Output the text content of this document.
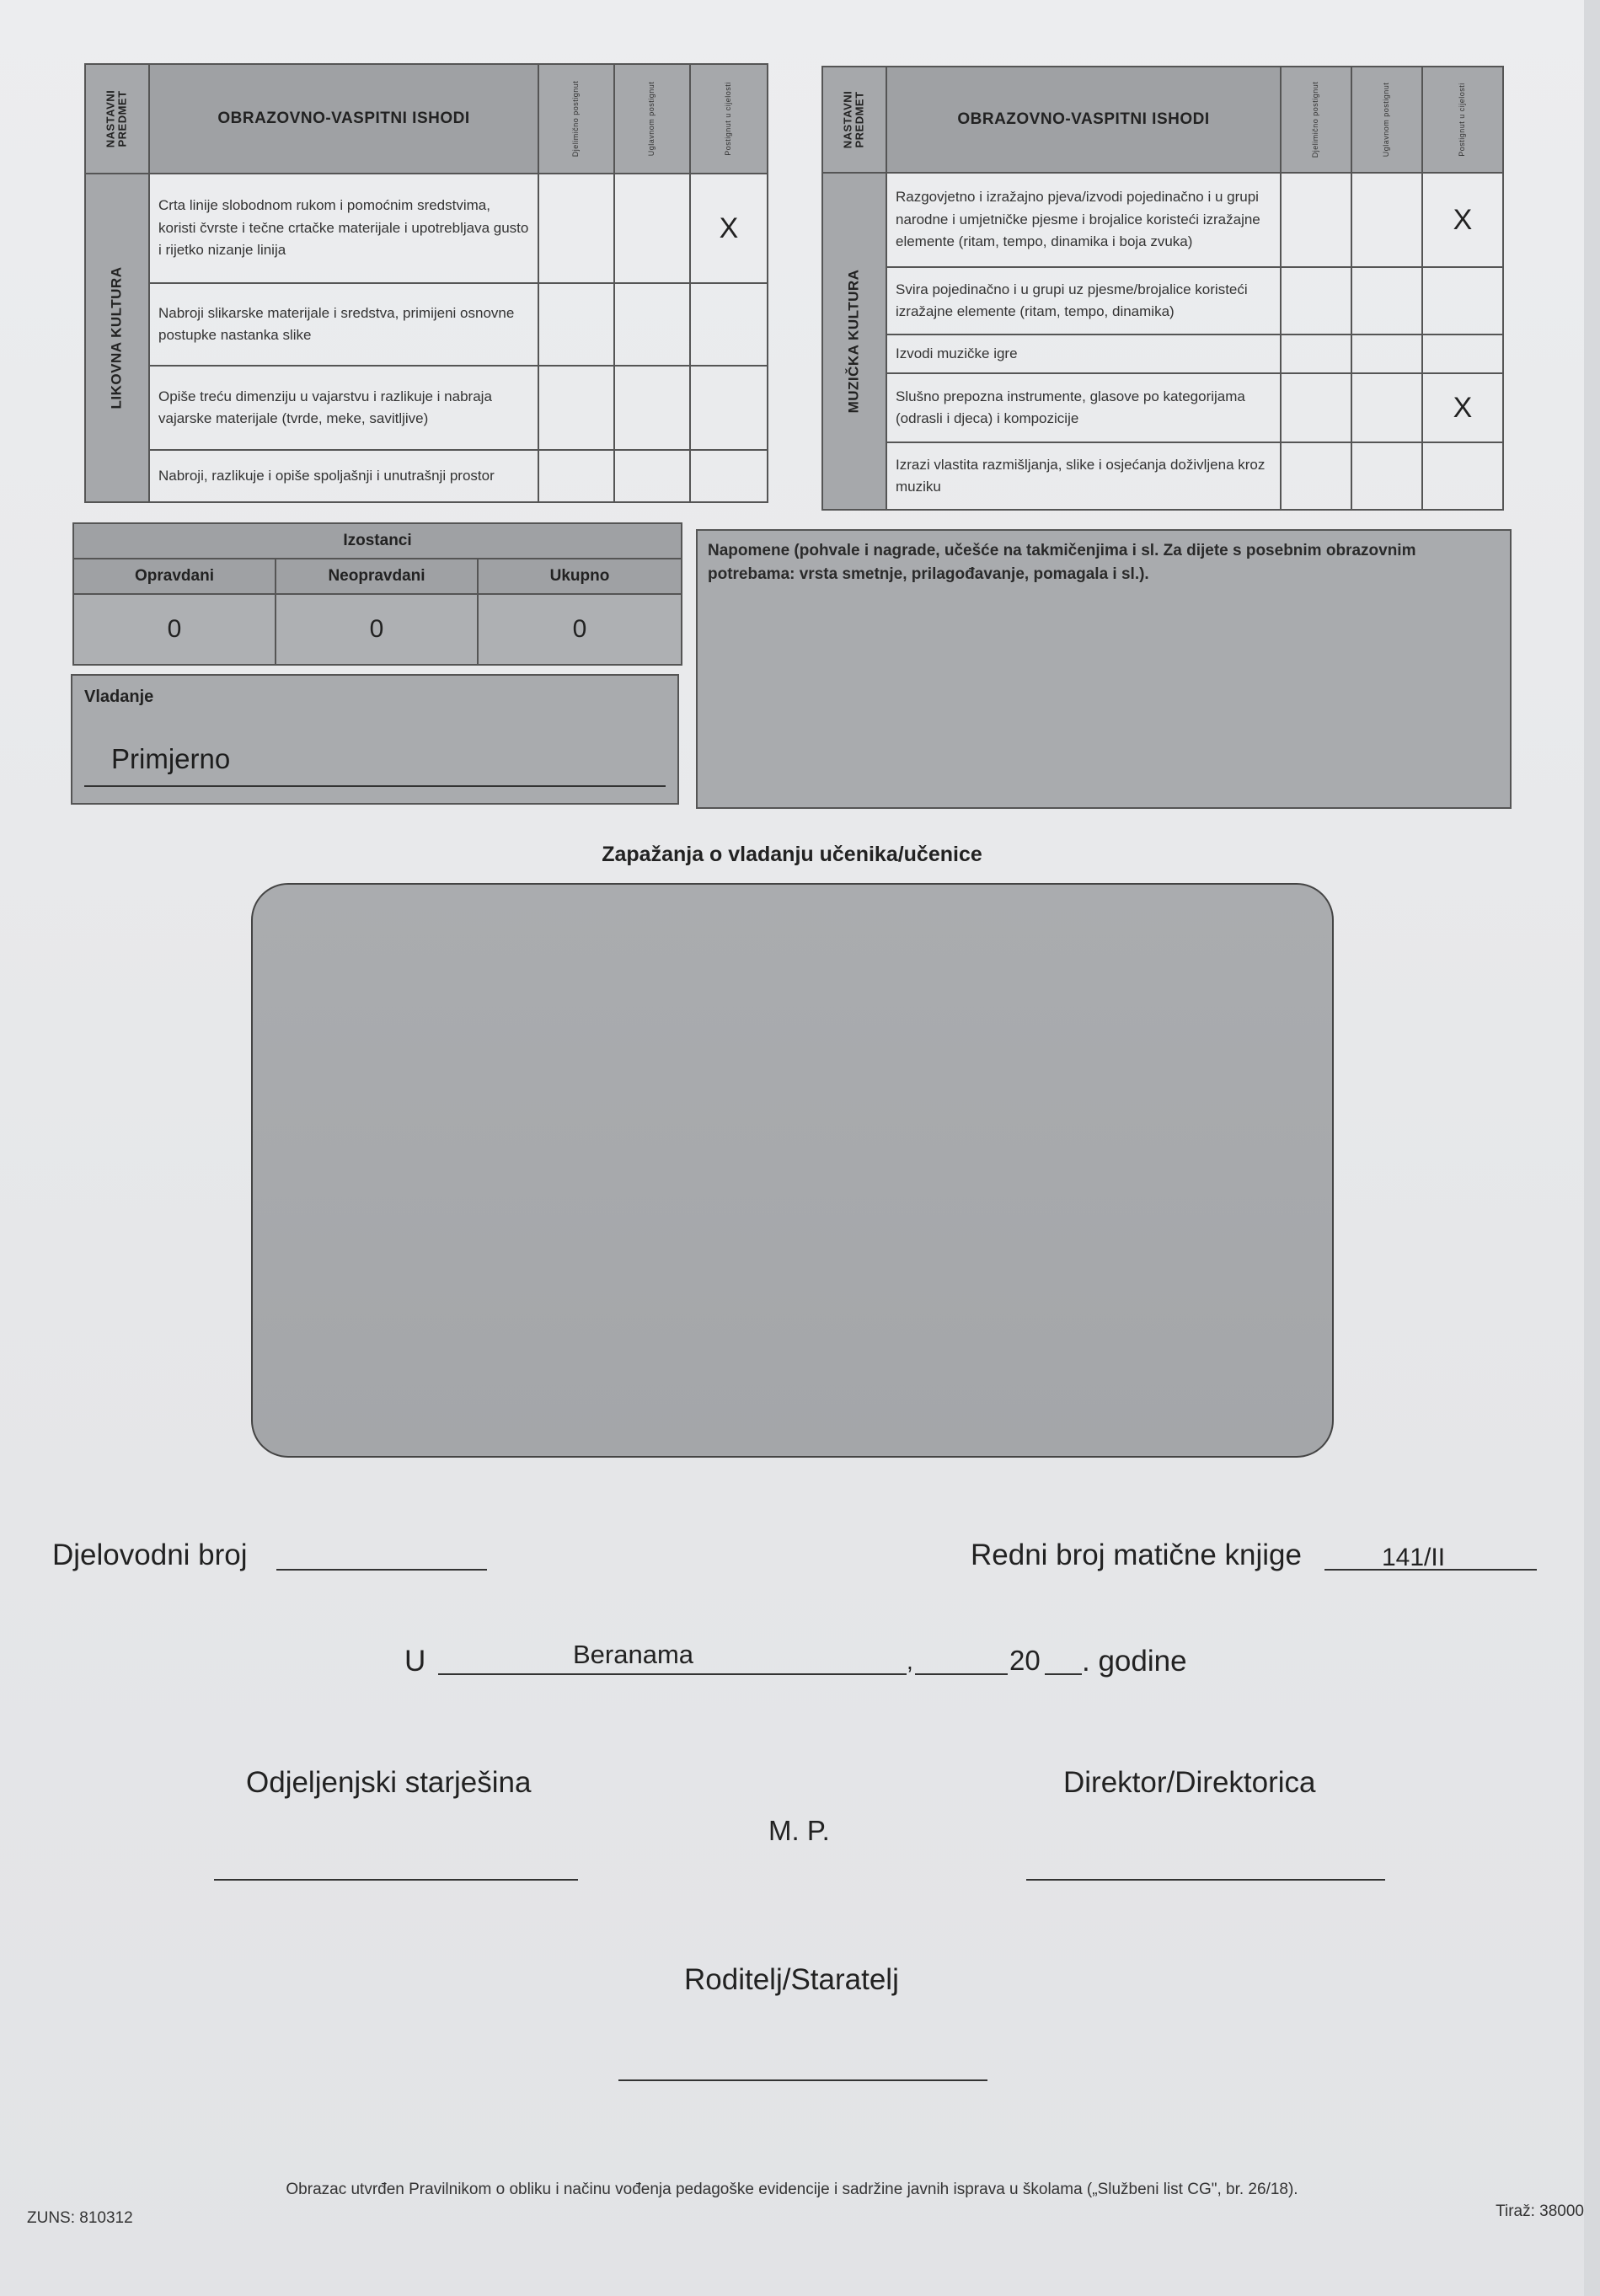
NASTAVNI PREDMET	OBRAZOVNO-VASPITNI ISHODI	Djelimično postignut	Uglavnom postignut	Postignut u cijelosti

LIKOVNA KULTURA	Crta linije slobodnom rukom i pomoćnim sredstvima, koristi čvrste i tečne crtačke materijale i upotrebljava gusto i rijetko nizanje linija			X
	Nabroji slikarske materijale i sredstva, primijeni osnovne postupke nastanka slike			
	Opiše treću dimenziju u vajarstvu i razlikuje i nabraja vajarske materijale (tvrde, meke, savitljive)			
	Nabroji, razlikuje i opiše spoljašnji i unutrašnji prostor			
NASTAVNI PREDMET	OBRAZOVNO-VASPITNI ISHODI	Djelimično postignut	Uglavnom postignut	Postignut u cijelosti

MUZIČKA KULTURA	Razgovjetno i izražajno pjeva/izvodi pojedinačno i u grupi narodne i umjetničke pjesme i brojalice koristeći izražajne elemente (ritam, tempo, dinamika i boja zvuka)			X
	Svira pojedinačno i u grupi uz pjesme/brojalice koristeći izražajne elemente (ritam, tempo, dinamika)			
	Izvodi muzičke igre			
	Slušno prepozna instrumente, glasove po kategorijama (odrasli i djeca) i kompozicije			X
	Izrazi vlastita razmišljanja, slike i osjećanja doživljena kroz muziku			
Izostanci		
Opravdani	Neopravdani	Ukupno
0	0	0
Vladanje
Primjerno
Napomene (pohvale i nagrade, učešće na takmičenjima i sl. Za dijete s posebnim obrazovnim potrebama: vrsta smetnje, prilagođavanje, pomagala i sl.).
Zapažanja o vladanju učenika/učenice
Djelovodni broj	Redni broj matične knjige	141/II
U	Beranama	,	20 . godine
Odjeljenjski starješina	Direktor/Direktorica
M. P.
Roditelj/Staratelj
Obrazac utvrđen Pravilnikom o obliku i načinu vođenja pedagoške evidencije i sadržine javnih isprava u školama („Službeni list CG", br. 26/18).
ZUNS: 810312	Tiraž: 38000
